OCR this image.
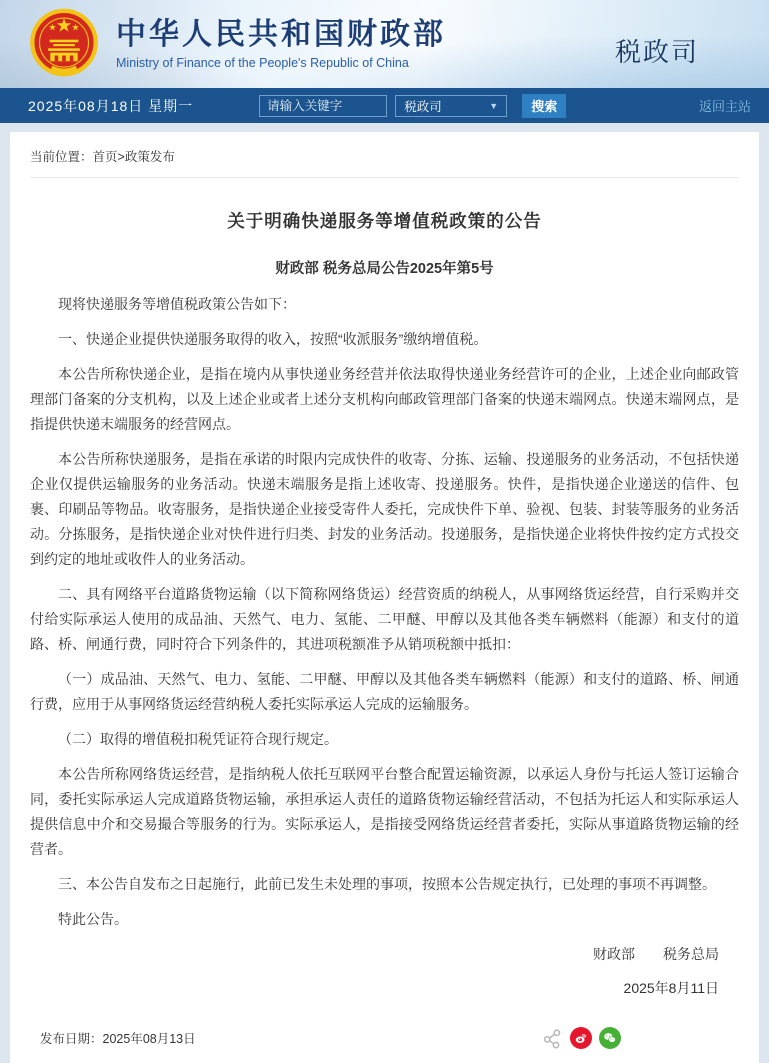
中华人民共和国财政部
Ministry of Finance of the People's Republic of China	税政司
2025年08月18日 星期一
请输入关键字	税政司	▼	搜索	返回主站
当前位置：首页>政策发布
关于明确快递服务等增值税政策的公告
财政部 税务总局公告2025年第5号

现将快递服务等增值税政策公告如下：

一、快递企业提供快递服务取得的收入，按照“收派服务”缴纳增值税。

本公告所称快递企业，是指在境内从事快递业务经营并依法取得快递业务经营许可的企业，上述企业向邮政管理部门备案的分支机构，以及上述企业或者上述分支机构向邮政管理部门备案的快递末端网点。快递末端网点，是指提供快递末端服务的经营网点。

本公告所称快递服务，是指在承诺的时限内完成快件的收寄、分拣、运输、投递服务的业务活动，不包括快递企业仅提供运输服务的业务活动。快递末端服务是指上述收寄、投递服务。快件，是指快递企业递送的信件、包裹、印刷品等物品。收寄服务，是指快递企业接受寄件人委托，完成快件下单、验视、包装、封装等服务的业务活动。分拣服务，是指快递企业对快件进行归类、封发的业务活动。投递服务，是指快递企业将快件按约定方式投交到约定的地址或收件人的业务活动。

二、具有网络平台道路货物运输（以下简称网络货运）经营资质的纳税人，从事网络货运经营，自行采购并交付给实际承运人使用的成品油、天然气、电力、氢能、二甲醚、甲醇以及其他各类车辆燃料（能源）和支付的道路、桥、闸通行费，同时符合下列条件的，其进项税额准予从销项税额中抵扣：

（一）成品油、天然气、电力、氢能、二甲醚、甲醇以及其他各类车辆燃料（能源）和支付的道路、桥、闸通行费，应用于从事网络货运经营纳税人委托实际承运人完成的运输服务。

（二）取得的增值税扣税凭证符合现行规定。

本公告所称网络货运经营，是指纳税人依托互联网平台整合配置运输资源，以承运人身份与托运人签订运输合同，委托实际承运人完成道路货物运输，承担承运人责任的道路货物运输经营活动，不包括为托运人和实际承运人提供信息中介和交易撮合等服务的行为。实际承运人，是指接受网络货运经营者委托，实际从事道路货物运输的经营者。

三、本公告自发布之日起施行，此前已发生未处理的事项，按照本公告规定执行，已处理的事项不再调整。

特此公告。

财政部　　税务总局
2025年8月11日
发布日期：2025年08月13日
